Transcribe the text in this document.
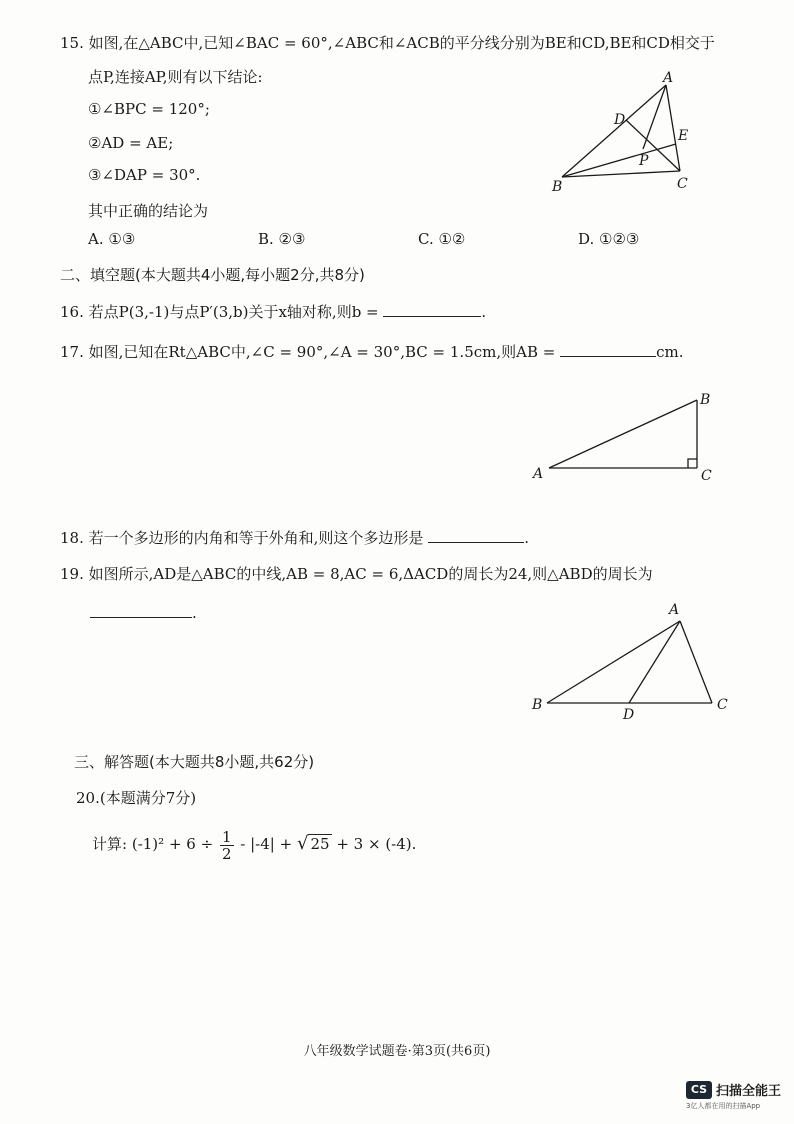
15. 如图,在△ABC中,已知∠BAC = 60°,∠ABC和∠ACB的平分线分别为BE和CD,BE和CD相交于
点P,连接AP,则有以下结论:
①∠BPC = 120°;
②AD = AE;
③∠DAP = 30°.
其中正确的结论为
A. ①③	B. ②③	C. ①②	D. ①②③
A
B	C
D
E
P
二、填空题(本大题共4小题,每小题2分,共8分)
16. 若点P(3,-1)与点P′(3,b)关于x轴对称,则b =	.
17. 如图,已知在Rt△ABC中,∠C = 90°,∠A = 30°,BC = 1.5cm,则AB =	cm.
A
B
C
18. 若一个多边形的内角和等于外角和,则这个多边形是	.
19. 如图所示,AD是△ABC的中线,AB = 8,AC = 6,ΔACD的周长为24,则△ABD的周长为
.	A
B	C
D
三、解答题(本大题共8小题,共62分)
20.(本题满分7分)
计算: $(-1)^2 + 6 \div \frac{1}{2} - |-4|$ + √ 25 + 3 × (-4).
八年级数学试题卷·第3页(共6页)
CS 扫描全能王
3亿人都在用的扫描App
